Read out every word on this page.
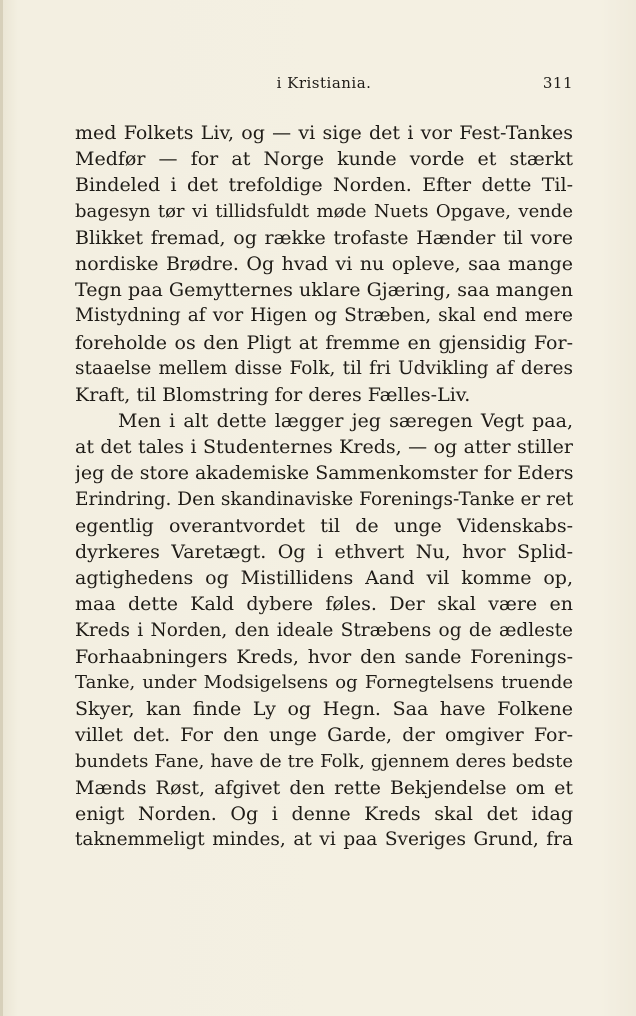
i Kristiania.	311
med Folkets Liv, og — vi sige det i vor Fest-Tankes
Medfør — for at Norge kunde vorde et stærkt
Bindeled i det trefoldige Norden. Efter dette Til-
bagesyn tør vi tillidsfuldt møde Nuets Opgave, vende
Blikket fremad, og række trofaste Hænder til vore
nordiske Brødre. Og hvad vi nu opleve, saa mange
Tegn paa Gemytternes uklare Gjæring, saa mangen
Mistydning af vor Higen og Stræben, skal end mere
foreholde os den Pligt at fremme en gjensidig For-
staaelse mellem disse Folk, til fri Udvikling af deres
Kraft, til Blomstring for deres Fælles-Liv.
Men i alt dette lægger jeg særegen Vegt paa,
at det tales i Studenternes Kreds, — og atter stiller
jeg de store akademiske Sammenkomster for Eders
Erindring. Den skandinaviske Forenings-Tanke er ret
egentlig overantvordet til de unge Videnskabs-
dyrkeres Varetægt. Og i ethvert Nu, hvor Splid-
agtighedens og Mistillidens Aand vil komme op,
maa dette Kald dybere føles. Der skal være en
Kreds i Norden, den ideale Stræbens og de ædleste
Forhaabningers Kreds, hvor den sande Forenings-
Tanke, under Modsigelsens og Fornegtelsens truende
Skyer, kan finde Ly og Hegn. Saa have Folkene
villet det. For den unge Garde, der omgiver For-
bundets Fane, have de tre Folk, gjennem deres bedste
Mænds Røst, afgivet den rette Bekjendelse om et
enigt Norden. Og i denne Kreds skal det idag
taknemmeligt mindes, at vi paa Sveriges Grund, fra
